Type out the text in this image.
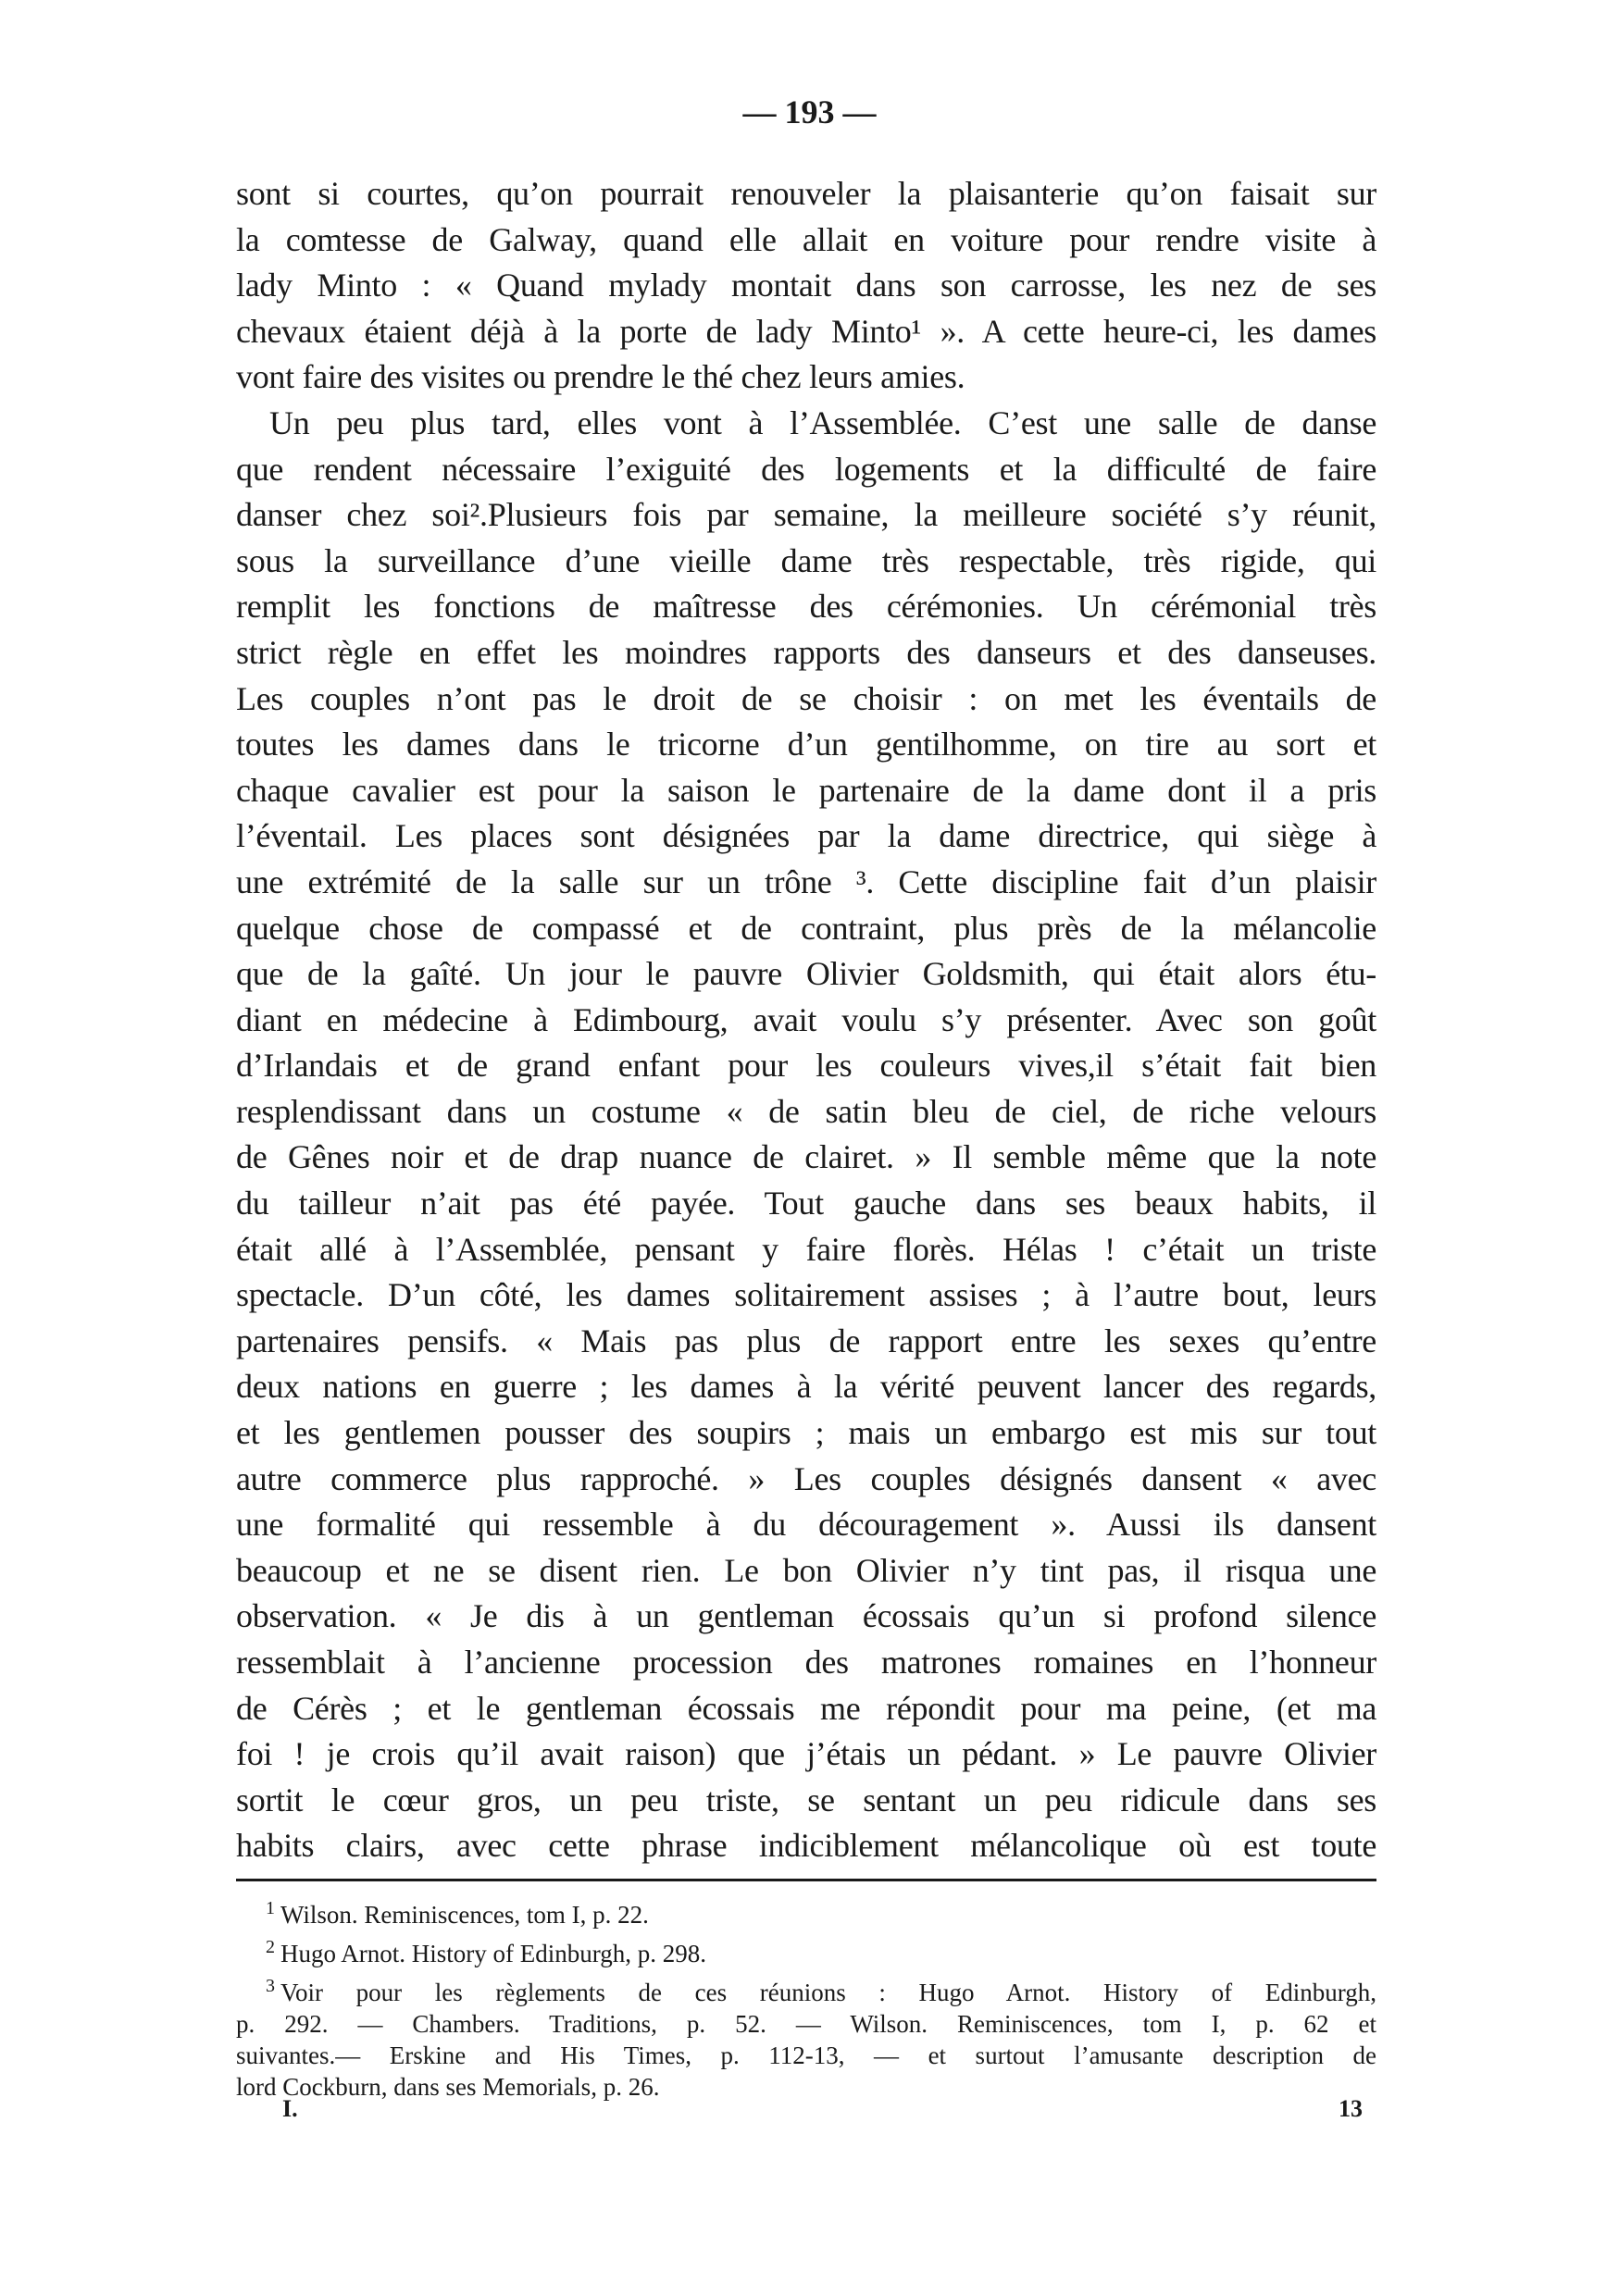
— 193 —
sont si courtes, qu’on pourrait renouveler la plaisanterie qu’on faisait sur
la comtesse de Galway, quand elle allait en voiture pour rendre visite à
lady Minto : « Quand mylady montait dans son carrosse, les nez de ses
chevaux étaient déjà à la porte de lady Minto¹ ». A cette heure-ci, les dames
vont faire des visites ou prendre le thé chez leurs amies.
Un peu plus tard, elles vont à l’Assemblée. C’est une salle de danse
que rendent nécessaire l’exiguité des logements et la difficulté de faire
danser chez soi².Plusieurs fois par semaine, la meilleure société s’y réunit,
sous la surveillance d’une vieille dame très respectable, très rigide, qui
remplit les fonctions de maîtresse des cérémonies. Un cérémonial très
strict règle en effet les moindres rapports des danseurs et des danseuses.
Les couples n’ont pas le droit de se choisir : on met les éventails de
toutes les dames dans le tricorne d’un gentilhomme, on tire au sort et
chaque cavalier est pour la saison le partenaire de la dame dont il a pris
l’éventail. Les places sont désignées par la dame directrice, qui siège à
une extrémité de la salle sur un trône ³. Cette discipline fait d’un plaisir
quelque chose de compassé et de contraint, plus près de la mélancolie
que de la gaîté. Un jour le pauvre Olivier Goldsmith, qui était alors étu-
diant en médecine à Edimbourg, avait voulu s’y présenter. Avec son goût
d’Irlandais et de grand enfant pour les couleurs vives,il s’était fait bien
resplendissant dans un costume « de satin bleu de ciel, de riche velours
de Gênes noir et de drap nuance de clairet. » Il semble même que la note
du tailleur n’ait pas été payée. Tout gauche dans ses beaux habits, il
était allé à l’Assemblée, pensant y faire florès. Hélas ! c’était un triste
spectacle. D’un côté, les dames solitairement assises ; à l’autre bout, leurs
partenaires pensifs. « Mais pas plus de rapport entre les sexes qu’entre
deux nations en guerre ; les dames à la vérité peuvent lancer des regards,
et les gentlemen pousser des soupirs ; mais un embargo est mis sur tout
autre commerce plus rapproché. » Les couples désignés dansent « avec
une formalité qui ressemble à du découragement ». Aussi ils dansent
beaucoup et ne se disent rien. Le bon Olivier n’y tint pas, il risqua une
observation. « Je dis à un gentleman écossais qu’un si profond silence
ressemblait à l’ancienne procession des matrones romaines en l’honneur
de Cérès ; et le gentleman écossais me répondit pour ma peine, (et ma
foi ! je crois qu’il avait raison) que j’étais un pédant. » Le pauvre Olivier
sortit le cœur gros, un peu triste, se sentant un peu ridicule dans ses
habits clairs, avec cette phrase indiciblement mélancolique où est toute
$^1$ Wilson. Reminiscences, tom I, p. 22.
$^2$ Hugo Arnot. History of Edinburgh, p. 298.
$^3$ Voir pour les règlements de ces réunions : Hugo Arnot. History of Edinburgh,
p. 292. — Chambers. Traditions, p. 52. — Wilson. Reminiscences, tom I, p. 62 et
suivantes.— Erskine and His Times, p. 112-13, — et surtout l’amusante description de
lord Cockburn, dans ses Memorials, p. 26.
I.	13
